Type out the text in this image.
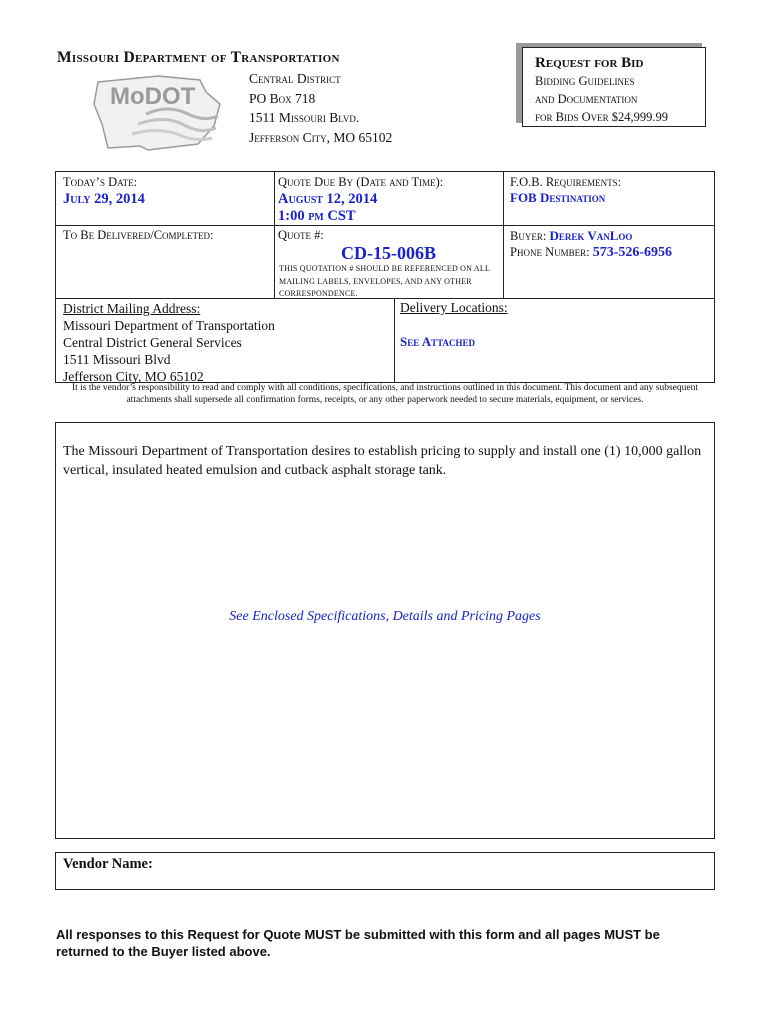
Missouri Department of Transportation
MoDOT
Central District
PO Box 718
1511 Missouri Blvd.
Jefferson City, MO 65102
Request for Bid
Bidding Guidelines
and Documentation
for Bids Over $24,999.99
Today’s Date:
July 29, 2014
Quote Due By (Date and Time):
August 12, 2014
1:00 pm CST
F.O.B. Requirements:
FOB Destination
To Be Delivered/Completed:	Quote #:
CD-15-006B
THIS QUOTATION # SHOULD BE REFERENCED ON ALL
MAILING LABELS, ENVELOPES, AND ANY OTHER
CORRESPONDENCE.
Buyer: Derek VanLoo
Phone Number: 573-526-6956
District Mailing Address:
Missouri Department of Transportation
Central District General Services
1511 Missouri Blvd
Jefferson City, MO 65102
Delivery Locations:
See Attached
It is the vendor’s responsibility to read and comply with all conditions, specifications, and instructions outlined in this document. This document and any subsequent attachments shall supersede all confirmation forms, receipts, or any other paperwork needed to secure materials, equipment, or services.
The Missouri Department of Transportation desires to establish pricing to supply and install one (1) 10,000 gallon vertical, insulated heated emulsion and cutback asphalt storage tank.
See Enclosed Specifications, Details and Pricing Pages
Vendor Name:
All responses to this Request for Quote MUST be submitted with this form and all pages MUST be returned to the Buyer listed above.
